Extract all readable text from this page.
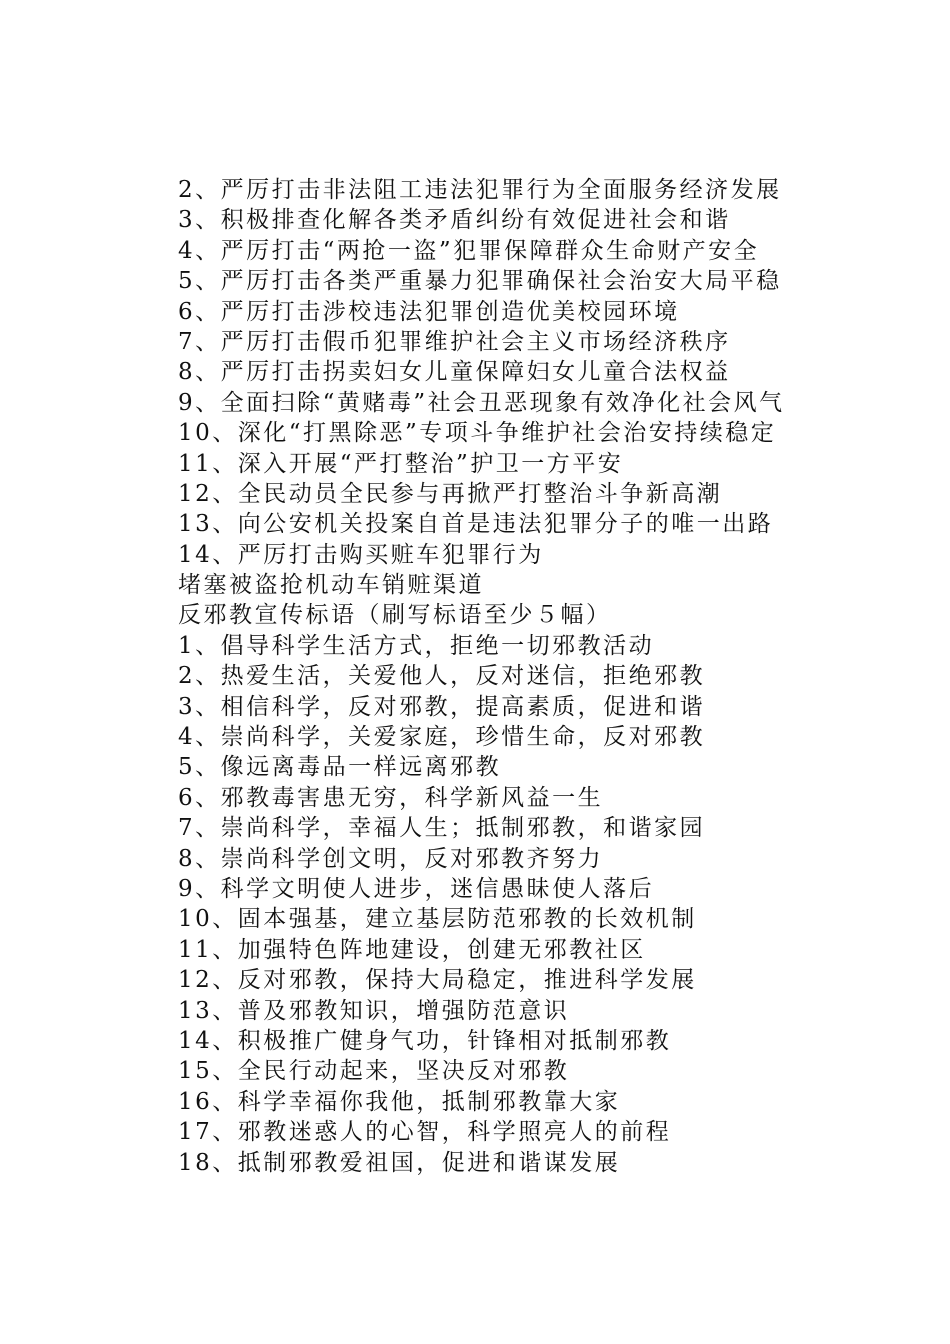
2、严厉打击非法阻工违法犯罪行为全面服务经济发展
3、积极排查化解各类矛盾纠纷有效促进社会和谐
4、严厉打击“两抢一盗”犯罪保障群众生命财产安全
5、严厉打击各类严重暴力犯罪确保社会治安大局平稳
6、严厉打击涉校违法犯罪创造优美校园环境
7、严厉打击假币犯罪维护社会主义市场经济秩序
8、严厉打击拐卖妇女儿童保障妇女儿童合法权益
9、全面扫除“黄赌毒”社会丑恶现象有效净化社会风气
10、深化“打黑除恶”专项斗争维护社会治安持续稳定
11、深入开展“严打整治”护卫一方平安
12、全民动员全民参与再掀严打整治斗争新高潮
13、向公安机关投案自首是违法犯罪分子的唯一出路
14、严厉打击购买赃车犯罪行为
堵塞被盗抢机动车销赃渠道
反邪教宣传标语（刷写标语至少５幅）
1、倡导科学生活方式，拒绝一切邪教活动
2、热爱生活，关爱他人，反对迷信，拒绝邪教
3、相信科学，反对邪教，提高素质，促进和谐
4、崇尚科学，关爱家庭，珍惜生命，反对邪教
5、像远离毒品一样远离邪教
6、邪教毒害患无穷，科学新风益一生
7、崇尚科学，幸福人生；抵制邪教，和谐家园
8、崇尚科学创文明，反对邪教齐努力
9、科学文明使人进步，迷信愚昧使人落后
10、固本强基，建立基层防范邪教的长效机制
11、加强特色阵地建设，创建无邪教社区
12、反对邪教，保持大局稳定，推进科学发展
13、普及邪教知识，增强防范意识
14、积极推广健身气功，针锋相对抵制邪教
15、全民行动起来，坚决反对邪教
16、科学幸福你我他，抵制邪教靠大家
17、邪教迷惑人的心智，科学照亮人的前程
18、抵制邪教爱祖国，促进和谐谋发展
